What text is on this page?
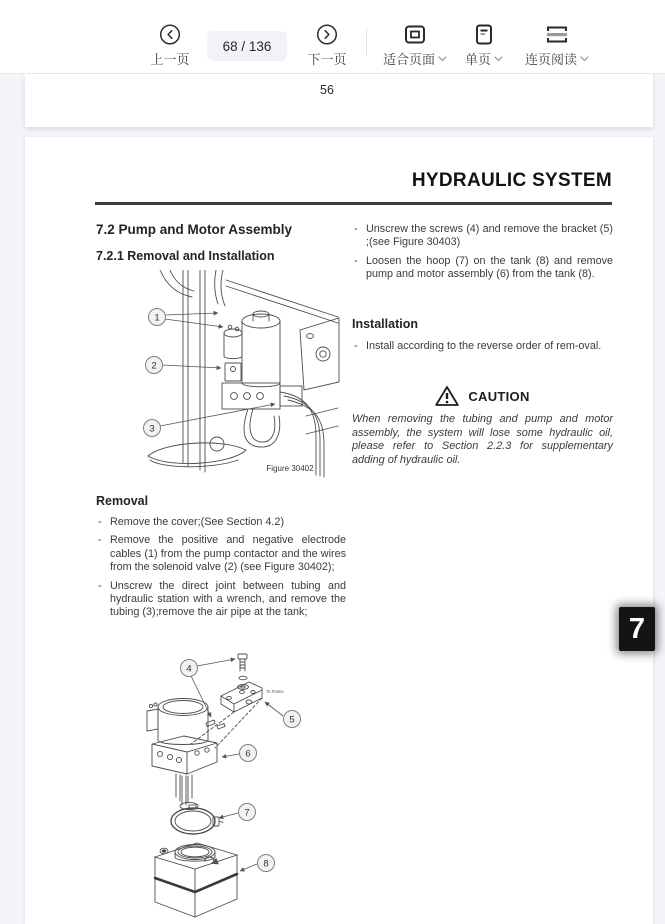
上一页
68 / 136
下一页	适合页面 单页	连页阅读
56
HYDRAULIC SYSTEM
7.2 Pump and Motor Assembly
7.2.1 Removal and Installation
1
2
3
Figure 30402
Removal
- Remove the cover;(See Section 4.2)
- Remove the positive and negative electrode cables (1) from the pump contactor and the wires from the solenoid valve (2) (see Figure 30402);
- Unscrew the direct joint between tubing and hydraulic station with a wrench, and remove the tubing (3);remove the air pipe at the tank;
- Unscrew the screws (4) and remove the bracket (5) ;(see Figure 30403)
- Loosen the hoop (7) on the tank (8) and remove pump and motor assembly (6) from the tank (8).
Installation
- Install according to the reverse order of rem-oval.
CAUTION
When removing the tubing and pump and motor assembly, the system will lose some hydraulic oil, please refer to Section 2.2.3 for supplementary adding of hydraulic oil.
To Frame
4
5
6
7
8
7
